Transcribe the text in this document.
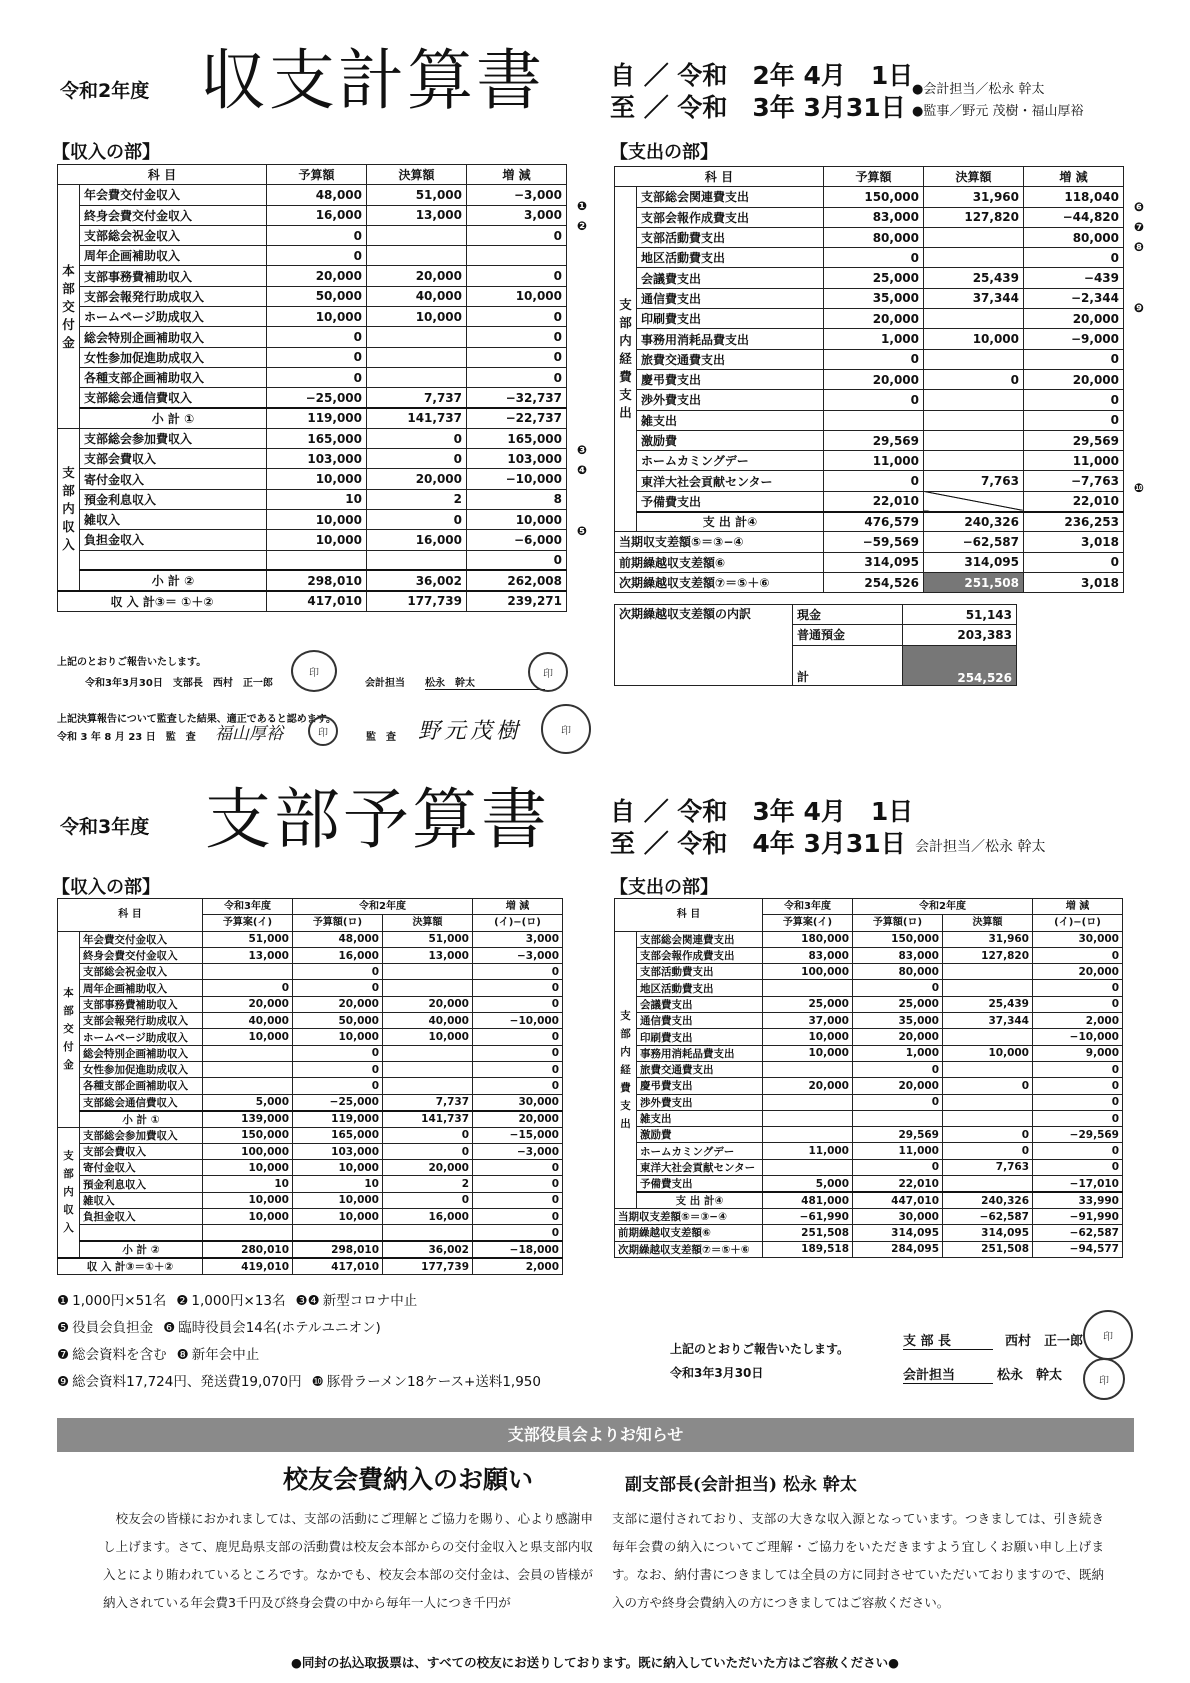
令和2年度 収支計算書	自 ／ 令和　2年 4月　1日
至 ／ 令和　3年 3月31日
●会計担当／松永 幹太
●監事／野元 茂樹・福山厚裕
【収入の部】	【支出の部】
科 目		予算額	決算額	増 減
本部交付金	年会費交付金収入	48,000	51,000	−3,000
	終身会費交付金収入	16,000	13,000	3,000
	支部総会祝金収入	0		0
	周年企画補助収入	0		
	支部事務費補助収入	20,000	20,000	0
	支部会報発行助成収入	50,000	40,000	10,000
	ホームページ助成収入	10,000	10,000	0
	総会特別企画補助収入	0		0
	女性参加促進助成収入	0		0
	各種支部企画補助収入	0		0
	支部総会通信費収入	−25,000	7,737	−32,737
	小 計 ①	119,000	141,737	−22,737
支部内収入	支部総会参加費収入	165,000	0	165,000
	支部会費収入	103,000	0	103,000
	寄付金収入	10,000	20,000	−10,000
	預金利息収入	10	2	8
	雑収入	10,000	0	10,000
	負担金収入	10,000	16,000	−6,000
				0
	小 計 ②	298,010	36,002	262,008
収 入 計③＝ ①＋②		417,010	177,739	239,271
科 目		予算額	決算額	増 減
支部内経費支出	支部総会関連費支出	150,000	31,960	118,040
	支部会報作成費支出	83,000	127,820	−44,820
	支部活動費支出	80,000		80,000
	地区活動費支出	0		0
	会議費支出	25,000	25,439	−439
	通信費支出	35,000	37,344	−2,344
	印刷費支出	20,000		20,000
	事務用消耗品費支出	1,000	10,000	−9,000
	旅費交通費支出	0		0
	慶弔費支出	20,000	0	20,000
	渉外費支出	0		0
	雑支出			0
	激励費	29,569		29,569
	ホームカミングデー	11,000		11,000
	東洋大社会貢献センター	0	7,763	−7,763
	予備費支出	22,010		22,010
	支 出 計④	476,579	240,326	236,253
当期収支差額⑤＝③−④		−59,569	−62,587	3,018
前期繰越収支差額⑥		314,095	314,095	0
次期繰越収支差額⑦＝⑤＋⑥		254,526	251,508	3,018
❶
❷
❸
❹
❺
❻
❼
❽
❾
❿
次期繰越収支差額の内訳	現金	51,143
	普通預金	203,383
	計	254,526
上記のとおりご報告いたします。
令和3年3月30日　支部長　西村　正一郎
印
会計担当 松永　幹太
印
上記決算報告について監査した結果、適正であると認めます。
令和 3 年 8 月 23 日　監　査 福山厚裕	印	監　査 野元茂樹	印
令和3年度 支部予算書 自 ／ 令和　3年 4月　1日
至 ／ 令和　4年 3月31日 会計担当／松永 幹太
【収入の部】	【支出の部】
科 目		令和3年度	令和2年度		増 減
		予算案(イ)	予算額(ロ)	決算額	(イ)−(ロ)
本部交付金	年会費交付金収入	51,000	48,000	51,000	3,000
	終身会費交付金収入	13,000	16,000	13,000	−3,000
	支部総会祝金収入		0		0
	周年企画補助収入	0	0		0
	支部事務費補助収入	20,000	20,000	20,000	0
	支部会報発行助成収入	40,000	50,000	40,000	−10,000
	ホームページ助成収入	10,000	10,000	10,000	0
	総会特別企画補助収入		0		0
	女性参加促進助成収入		0		0
	各種支部企画補助収入		0		0
	支部総会通信費収入	5,000	−25,000	7,737	30,000
	小 計 ①	139,000	119,000	141,737	20,000
支部内収入	支部総会参加費収入	150,000	165,000	0	−15,000
	支部会費収入	100,000	103,000	0	−3,000
	寄付金収入	10,000	10,000	20,000	0
	預金利息収入	10	10	2	0
	雑収入	10,000	10,000	0	0
	負担金収入	10,000	10,000	16,000	0
					0
	小 計 ②	280,010	298,010	36,002	−18,000
収 入 計③＝①＋②		419,010	417,010	177,739	2,000
科 目		令和3年度	令和2年度		増 減
		予算案(イ)	予算額(ロ)	決算額	(イ)−(ロ)
支部内経費支出	支部総会関連費支出	180,000	150,000	31,960	30,000
	支部会報作成費支出	83,000	83,000	127,820	0
	支部活動費支出	100,000	80,000		20,000
	地区活動費支出		0		0
	会議費支出	25,000	25,000	25,439	0
	通信費支出	37,000	35,000	37,344	2,000
	印刷費支出	10,000	20,000		−10,000
	事務用消耗品費支出	10,000	1,000	10,000	9,000
	旅費交通費支出		0		0
	慶弔費支出	20,000	20,000	0	0
	渉外費支出		0		0
	雑支出				0
	激励費		29,569	0	−29,569
	ホームカミングデー	11,000	11,000	0	0
	東洋大社会貢献センター		0	7,763	0
	予備費支出	5,000	22,010		−17,010
	支 出 計④	481,000	447,010	240,326	33,990
当期収支差額⑤＝③−④		−61,990	30,000	−62,587	−91,990
前期繰越収支差額⑥		251,508	314,095	314,095	−62,587
次期繰越収支差額⑦＝⑤＋⑥		189,518	284,095	251,508	−94,577
❶ 1,000円×51名 ❷ 1,000円×13名 ❸❹ 新型コロナ中止
❺ 役員会負担金 ❻ 臨時役員会14名(ホテルユニオン)
❼ 総会資料を含む ❽ 新年会中止
❾ 総会資料17,724円、発送費19,070円 ❿ 豚骨ラーメン18ケース+送料1,950
上記のとおりご報告いたします。
令和3年3月30日
支 部 長	西村　正一郎
会計担当	松永　幹太
印
印
支部役員会よりお知らせ
校友会費納入のお願い	副支部長(会計担当) 松永 幹太
　校友会の皆様におかれましては、支部の活動にご理解とご協力を賜り、心より感謝申し上げます。さて、鹿児島県支部の活動費は校友会本部からの交付金収入と県支部内収入とにより賄われているところです。なかでも、校友会本部の交付金は、会員の皆様が納入されている年会費3千円及び終身会費の中から毎年一人につき千円が
支部に還付されており、支部の大きな収入源となっています。つきましては、引き続き毎年会費の納入についてご理解・ご協力をいただきますよう宜しくお願い申し上げます。なお、納付書につきましては全員の方に同封させていただいておりますので、既納入の方や終身会費納入の方につきましてはご容赦ください。
●同封の払込取扱票は、すべての校友にお送りしております。既に納入していただいた方はご容赦ください●
